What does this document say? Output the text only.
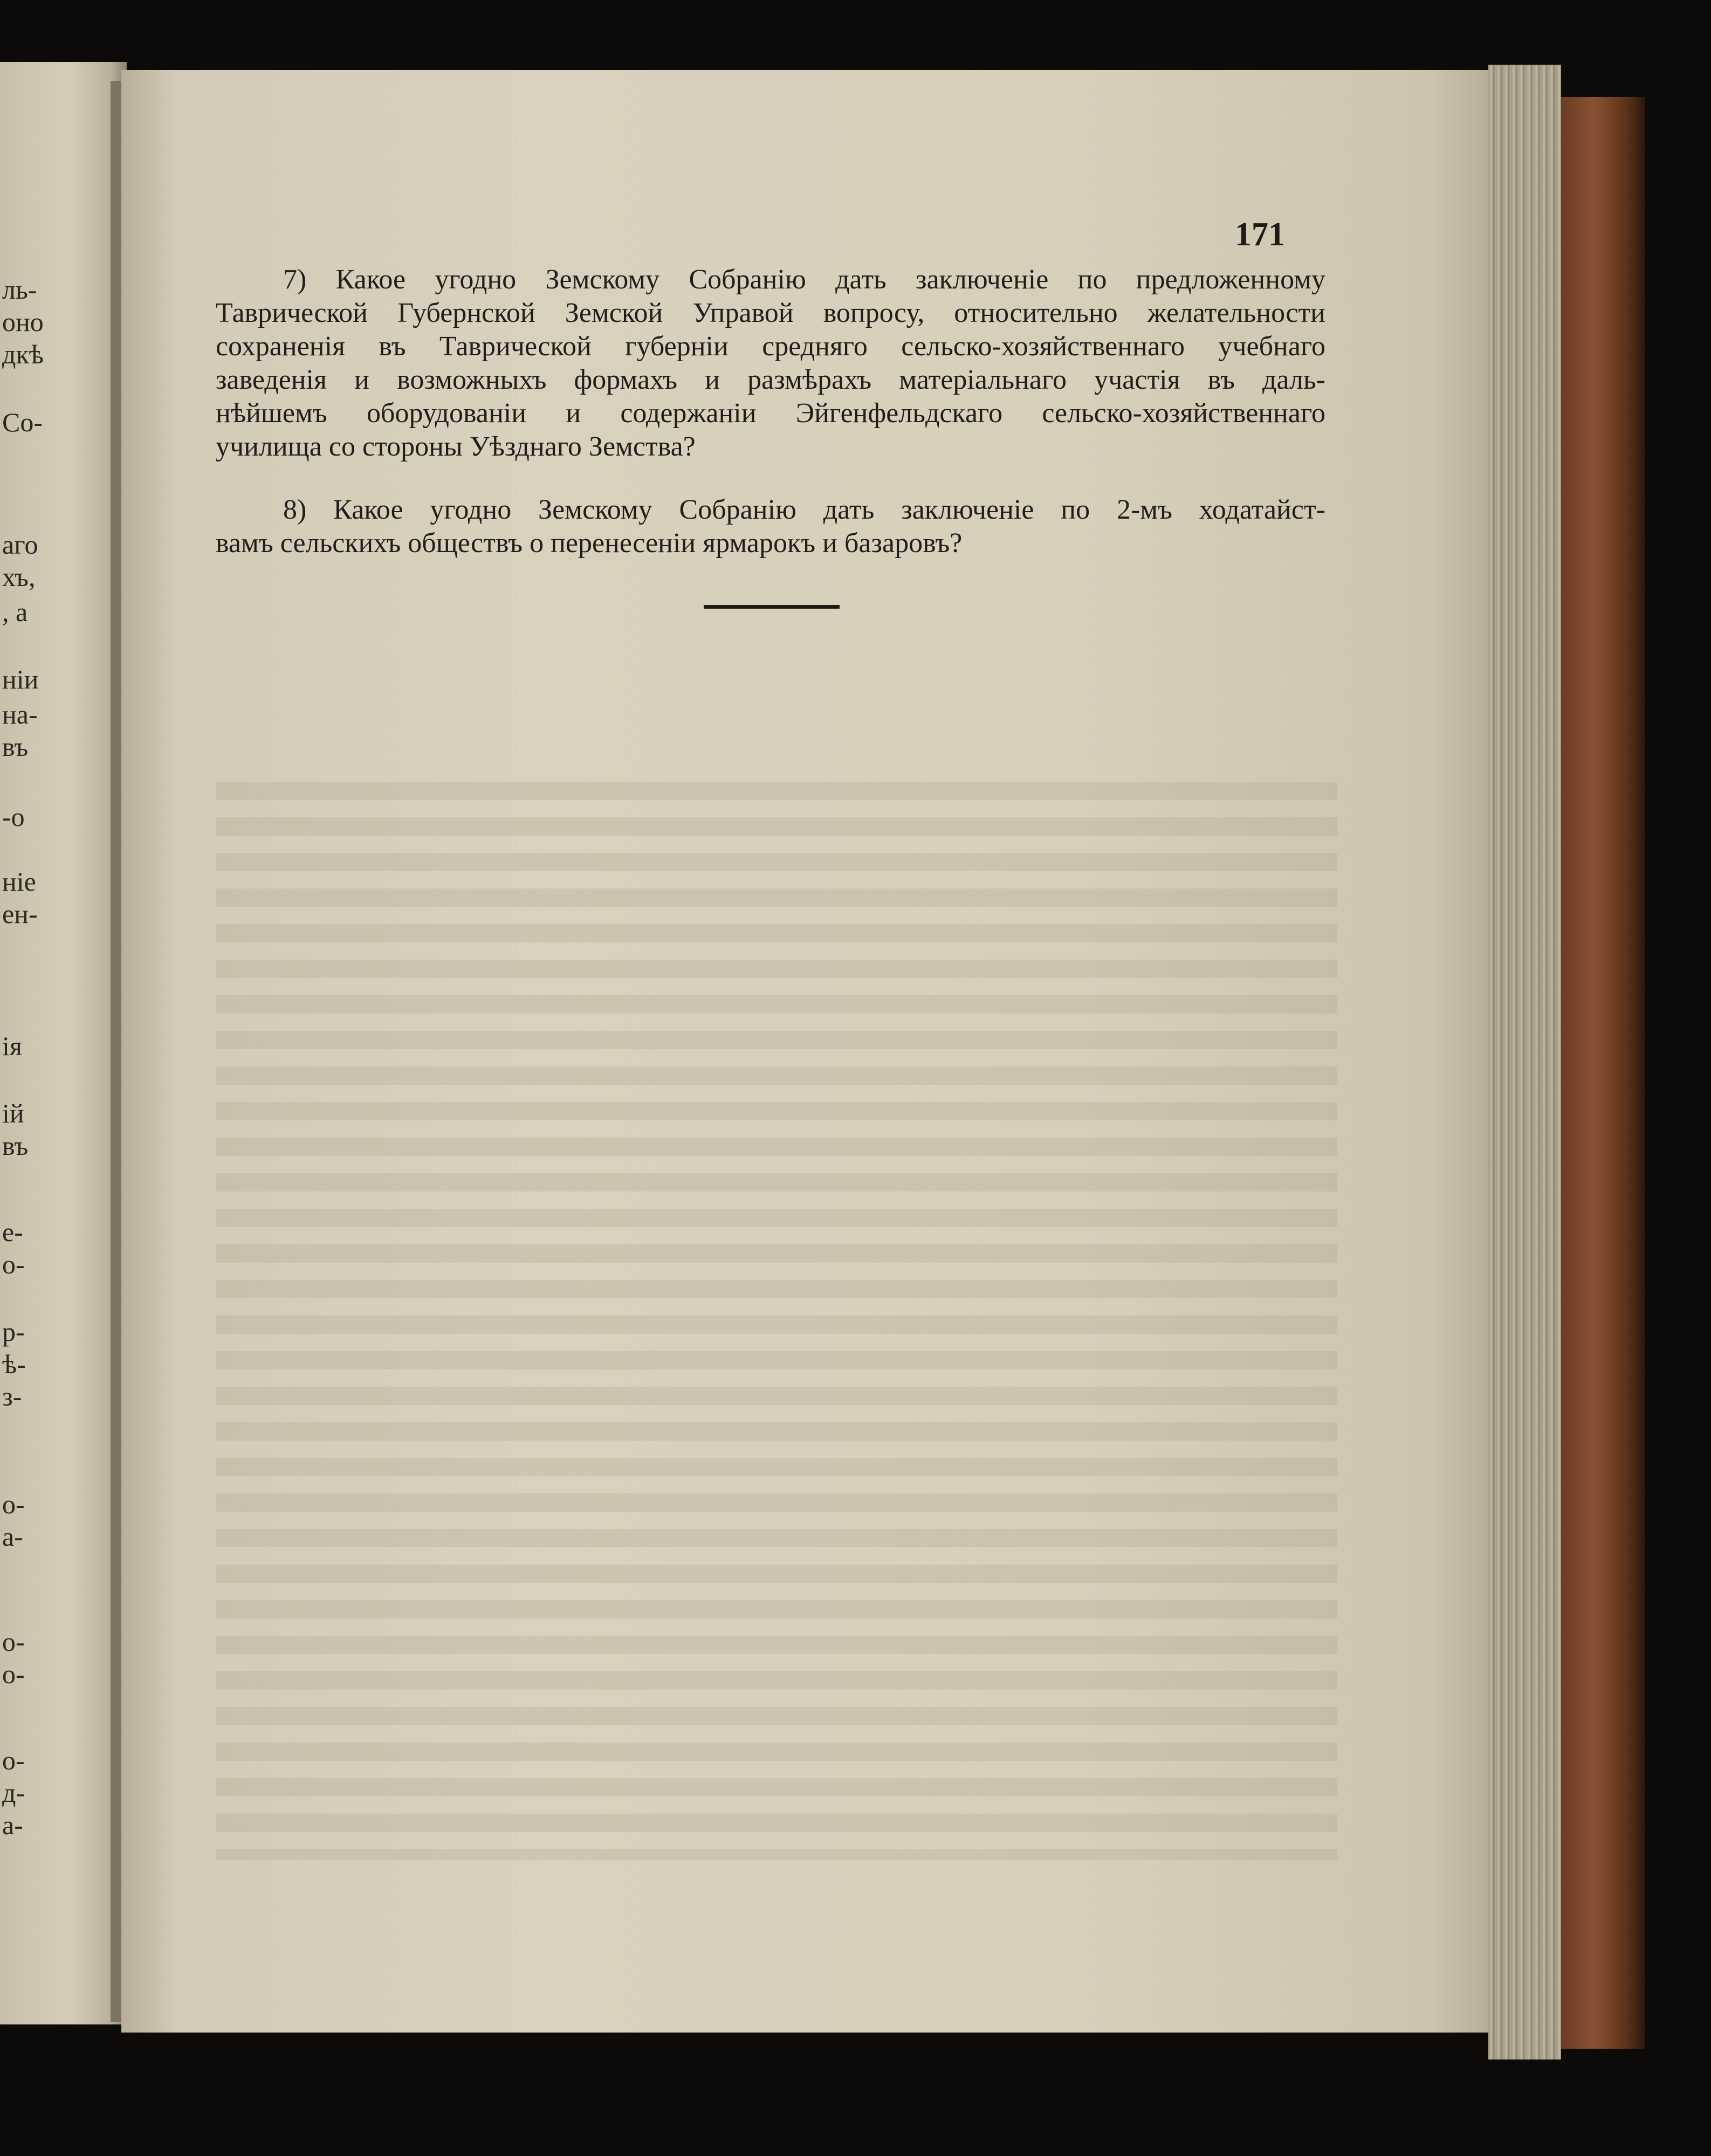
ль-
оно
дкѣ
Со-
аго
хъ,
, а
ніи
на-
въ
-о
ніе
ен-
ія
ій
въ
е-
о-
р-
ѣ-
з-
о-
а-
о-
о-
о-
д-
а-
171
7) Какое угодно Земскому Собранію дать заключеніе по предложенному
Таврической Губернской Земской Управой вопросу, относительно желательности
сохраненія въ Таврической губерніи средняго сельско-хозяйственнаго учебнаго
заведенія и возможныхъ формахъ и размѣрахъ матеріальнаго участія въ даль-
нѣйшемъ оборудованіи и содержаніи Эйгенфельдскаго сельско-хозяйственнаго
училища со стороны Уѣзднаго Земства?
8) Какое угодно Земскому Собранію дать заключеніе по 2-мъ ходатайст-
вамъ сельскихъ обществъ о перенесеніи ярмарокъ и базаровъ?
